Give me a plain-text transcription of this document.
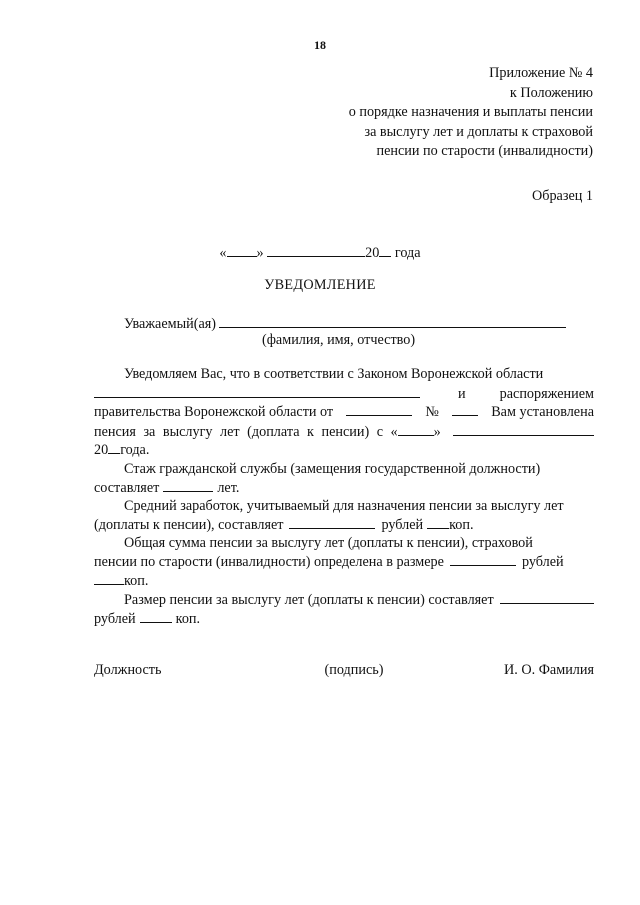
18
Приложение № 4
к Положению
о порядке назначения и выплаты пенсии
за выслугу лет и доплаты к страховой
пенсии по старости (инвалидности)
Образец 1
« »	20 года
УВЕДОМЛЕНИЕ
Уважаемый(ая)
(фамилия, имя, отчество)

Уведомляем Вас, что в соответствии с Законом Воронежской области

и распоряжением
правительства Воронежской области от	№	Вам установлена
пенсия за выслугу лет (доплата к пенсии) с «	»
20 года.

Стаж гражданской службы (замещения государственной должности)

составляет	лет.

Средний заработок, учитываемый для назначения пенсии за выслугу лет

(доплаты к пенсии), составляет	рублей коп.

Общая сумма пенсии за выслугу лет (доплаты к пенсии), страховой

пенсии по старости (инвалидности) определена в размере	рублей
коп.
Размер пенсии за выслугу лет (доплаты к пенсии) составляет
рублей	коп.
Должность	(подпись)	И. О. Фамилия
